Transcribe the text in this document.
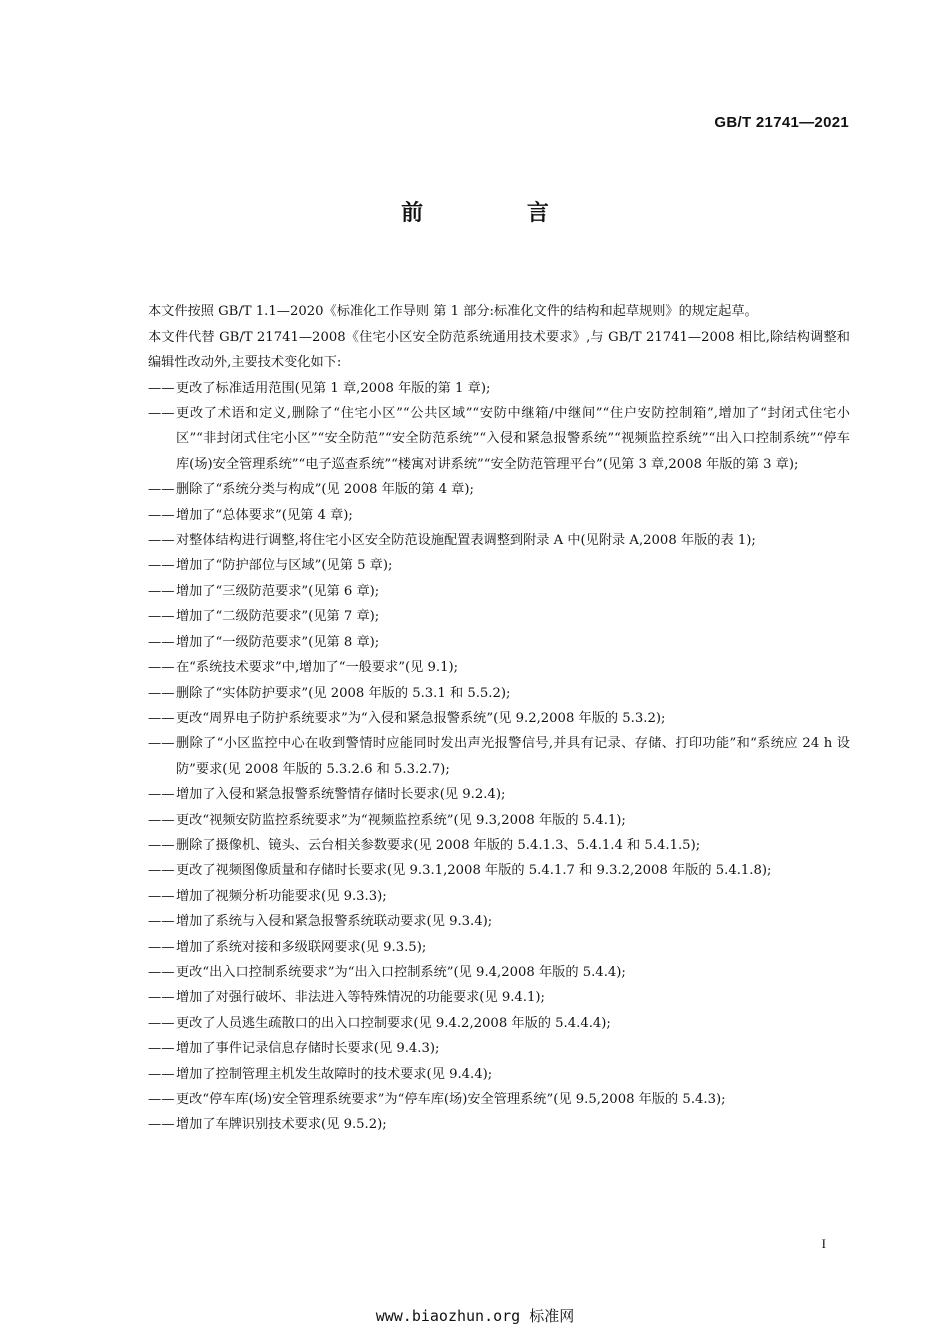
GB/T 21741—2021
前 言

本文件按照 GB/T 1.1—2020《标准化工作导则 第 1 部分:标准化文件的结构和起草规则》的规定起草。

本文件代替 GB/T 21741—2008《住宅小区安全防范系统通用技术要求》,与 GB/T 21741—2008 相比,除结构调整和编辑性改动外,主要技术变化如下:

—— 更改了标准适用范围(见第 1 章,2008 年版的第 1 章);
—— 更改了术语和定义,删除了“住宅小区”“公共区域”“安防中继箱/中继间”“住户安防控制箱”,增加了“封闭式住宅小区”“非封闭式住宅小区”“安全防范”“安全防范系统”“入侵和紧急报警系统”“视频监控系统”“出入口控制系统”“停车库(场)安全管理系统”“电子巡查系统”“楼寓对讲系统”“安全防范管理平台”(见第 3 章,2008 年版的第 3 章);
—— 删除了“系统分类与构成”(见 2008 年版的第 4 章);
—— 增加了“总体要求”(见第 4 章);
—— 对整体结构进行调整,将住宅小区安全防范设施配置表调整到附录 A 中(见附录 A,2008 年版的表 1);
—— 增加了“防护部位与区域”(见第 5 章);
—— 增加了“三级防范要求”(见第 6 章);
—— 增加了“二级防范要求”(见第 7 章);
—— 增加了“一级防范要求”(见第 8 章);
—— 在“系统技术要求”中,增加了“一般要求”(见 9.1);
—— 删除了“实体防护要求”(见 2008 年版的 5.3.1 和 5.5.2);
—— 更改“周界电子防护系统要求”为“入侵和紧急报警系统”(见 9.2,2008 年版的 5.3.2);
—— 删除了“小区监控中心在收到警情时应能同时发出声光报警信号,并具有记录、存储、打印功能”和“系统应 24 h 设防”要求(见 2008 年版的 5.3.2.6 和 5.3.2.7);
—— 增加了入侵和紧急报警系统警情存储时长要求(见 9.2.4);
—— 更改“视频安防监控系统要求”为“视频监控系统”(见 9.3,2008 年版的 5.4.1);
—— 删除了摄像机、镜头、云台相关参数要求(见 2008 年版的 5.4.1.3、5.4.1.4 和 5.4.1.5);
—— 更改了视频图像质量和存储时长要求(见 9.3.1,2008 年版的 5.4.1.7 和 9.3.2,2008 年版的 5.4.1.8);
—— 增加了视频分析功能要求(见 9.3.3);
—— 增加了系统与入侵和紧急报警系统联动要求(见 9.3.4);
—— 增加了系统对接和多级联网要求(见 9.3.5);
—— 更改“出入口控制系统要求”为“出入口控制系统”(见 9.4,2008 年版的 5.4.4);
—— 增加了对强行破坏、非法进入等特殊情况的功能要求(见 9.4.1);
—— 更改了人员逃生疏散口的出入口控制要求(见 9.4.2,2008 年版的 5.4.4.4);
—— 增加了事件记录信息存储时长要求(见 9.4.3);
—— 增加了控制管理主机发生故障时的技术要求(见 9.4.4);
—— 更改“停车库(场)安全管理系统要求”为“停车库(场)安全管理系统”(见 9.5,2008 年版的 5.4.3);
—— 增加了车牌识别技术要求(见 9.5.2);
I
www.biaozhun.org 标准网
